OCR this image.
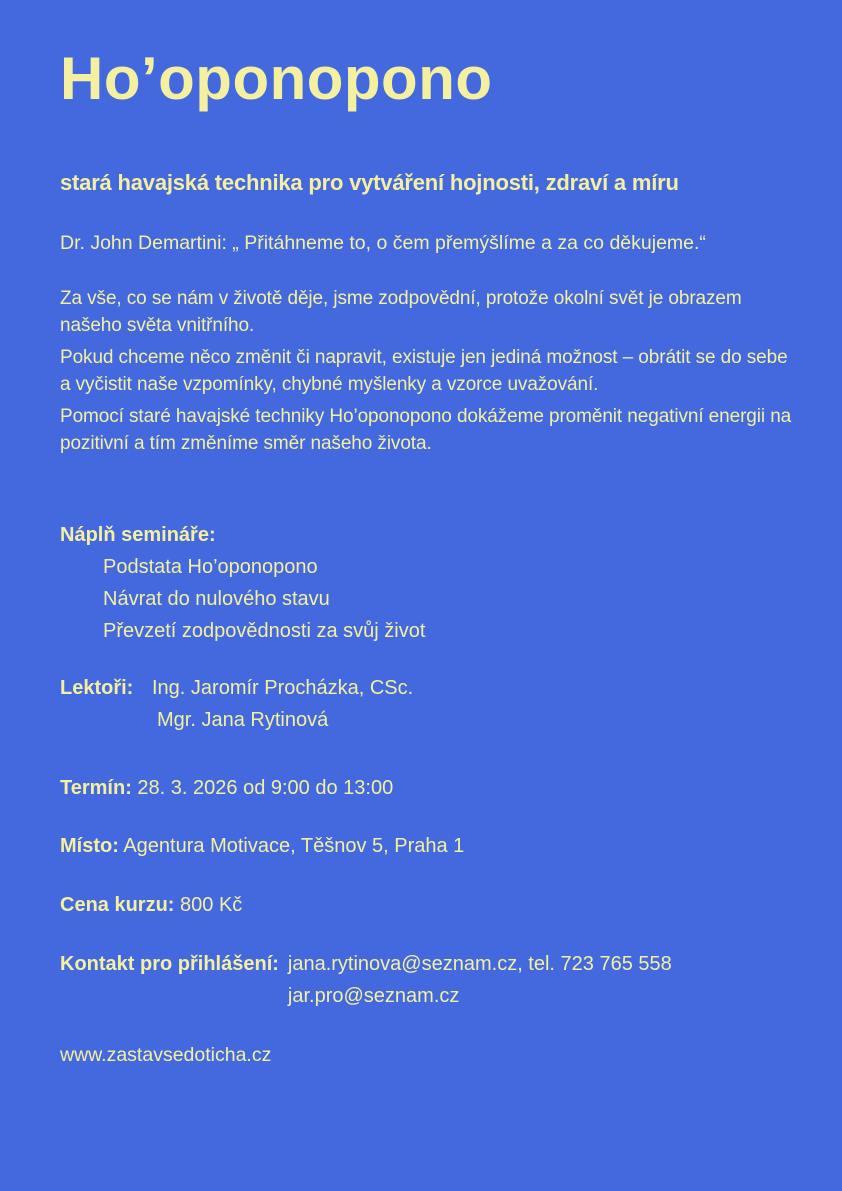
Ho’oponopono
stará havajská technika pro vytváření hojnosti, zdraví a míru

Dr. John Demartini: „ Přitáhneme to, o čem přemýšlíme a za co děkujeme.“

Za vše, co se nám v životě děje, jsme zodpovědní, protože okolní svět je obrazem našeho světa vnitřního.

Pokud chceme něco změnit či napravit, existuje jen jediná možnost – obrátit se do sebe a vyčistit naše vzpomínky, chybné myšlenky a vzorce uvažování.

Pomocí staré havajské techniky Ho’oponopono dokážeme proměnit negativní energii na pozitivní a tím změníme směr našeho života.

Náplň semináře:

Podstata Ho’oponopono
Návrat do nulového stavu
Převzetí zodpovědnosti za svůj život
Lektoři: Ing. Jaromír Procházka, CSc.
Mgr. Jana Rytinová

Termín: 28. 3. 2026 od 9:00 do 13:00

Místo: Agentura Motivace, Těšnov 5, Praha 1

Cena kurzu: 800 Kč

Kontakt pro přihlášení: jana.rytinova@seznam.cz, tel. 723 765 558
jar.pro@seznam.cz

www.zastavsedoticha.cz
